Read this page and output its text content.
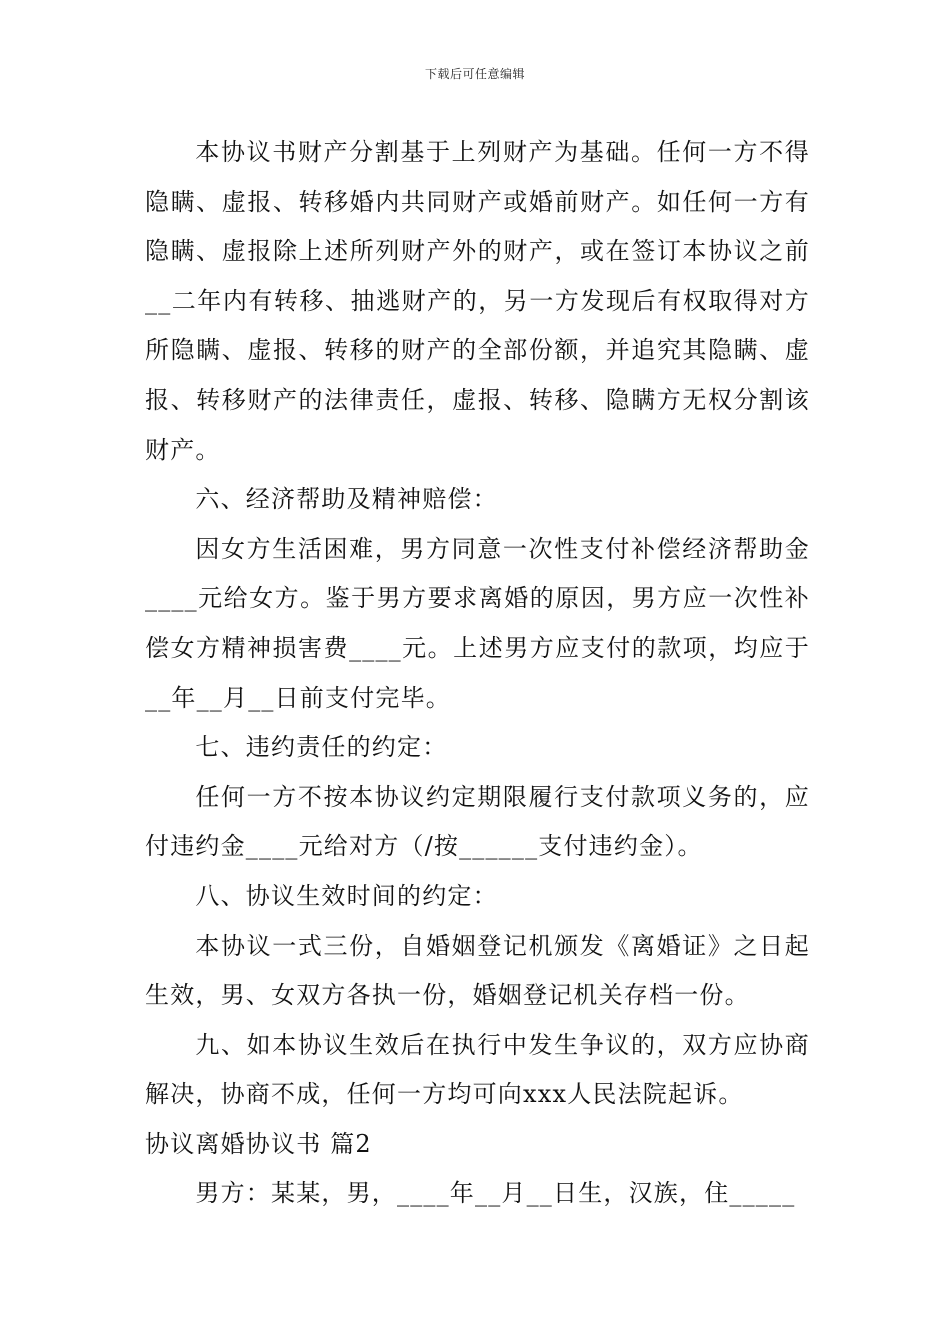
下载后可任意编辑

本协议书财产分割基于上列财产为基础。任何一方不得隐瞒、虚报、转移婚内共同财产或婚前财产。如任何一方有隐瞒、虚报除上述所列财产外的财产，或在签订本协议之前__二年内有转移、抽逃财产的，另一方发现后有权取得对方所隐瞒、虚报、转移的财产的全部份额，并追究其隐瞒、虚报、转移财产的法律责任，虚报、转移、隐瞒方无权分割该财产。

六、经济帮助及精神赔偿：

因女方生活困难，男方同意一次性支付补偿经济帮助金____元给女方。鉴于男方要求离婚的原因，男方应一次性补偿女方精神损害费____元。上述男方应支付的款项，均应于__年__月__日前支付完毕。

七、违约责任的约定：

任何一方不按本协议约定期限履行支付款项义务的，应付违约金____元给对方（/按______支付违约金）。

八、协议生效时间的约定：

本协议一式三份，自婚姻登记机颁发《离婚证》之日起生效，男、女双方各执一份，婚姻登记机关存档一份。

九、如本协议生效后在执行中发生争议的，双方应协商解决，协商不成，任何一方均可向xxx人民法院起诉。

协议离婚协议书 篇2

男方：某某，男，____年__月__日生，汉族，住_____
